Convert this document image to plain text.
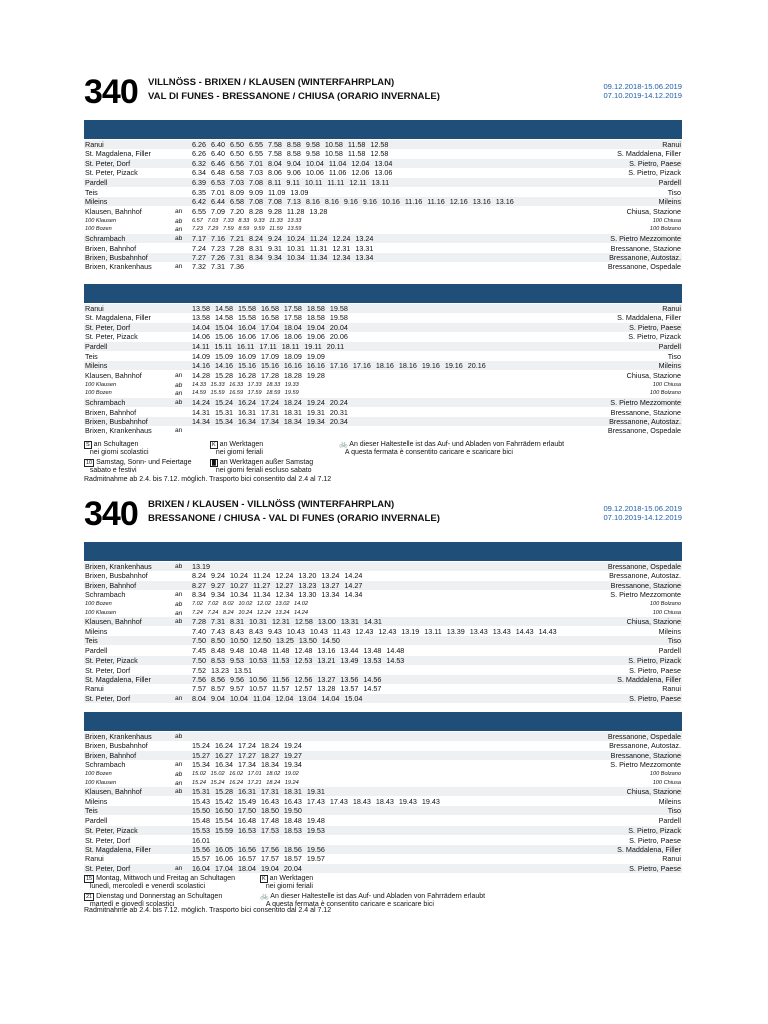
340 VILLNÖSS - BRIXEN / KLAUSEN (WINTERFAHRPLAN)
VAL DI FUNES - BRESSANONE / CHIUSA (ORARIO INVERNALE)
09.12.2018-15.06.2019
07.10.2019-14.12.2019
Ranui	6.26 6.40 6.50 6.55 7.58 8.58 9.58 10.58 11.58 12.58	Ranui
St. Magdalena, Filler	6.26 6.40 6.50 6.55 7.58 8.58 9.58 10.58 11.58 12.58	S. Maddalena, Filler
St. Peter, Dorf	6.32 6.46 6.56 7.01 8.04 9.04 10.04 11.04 12.04 13.04	S. Pietro, Paese
St. Peter, Pizack	6.34 6.48 6.58 7.03 8.06 9.06 10.06 11.06 12.06 13.06	S. Pietro, Pizack
Pardell	6.39 6.53 7.03 7.08 8.11 9.11 10.11 11.11 12.11 13.11	Pardell
Teis	6.35 7.01 8.09 9.09 11.09 13.09	Tiso
Mileins	6.42 6.44 6.58 7.08 7.08 7.13 8.16 8.16 9.16 9.16 10.16 11.16 11.16 12.16 13.16 13.16	Mileins
Klausen, Bahnhof	an 6.55 7.09 7.20 8.28 9.28 11.28 13.28	Chiusa, Stazione
100 Klausen	ab 6.57 7.03 7.33 8.33 9.33 11.33 13.33	100 Chiusa
100 Bozen	an 7.23 7.29 7.59 8.59 9.59 11.59 13.59	100 Bolzano
Schrambach	ab 7.17 7.16 7.21 8.24 9.24 10.24 11.24 12.24 13.24	S. Pietro Mezzomonte
Brixen, Bahnhof	7.24 7.23 7.28 8.31 9.31 10.31 11.31 12.31 13.31	Bressanone, Stazione
Brixen, Busbahnhof	7.27 7.26 7.31 8.34 9.34 10.34 11.34 12.34 13.34	Bressanone, Autostaz.
Brixen, Krankenhaus	an 7.32 7.31 7.36	Bressanone, Ospedale
Ranui	13.58 14.58 15.58 16.58 17.58 18.58 19.58	Ranui
St. Magdalena, Filler	13.58 14.58 15.58 16.58 17.58 18.58 19.58	S. Maddalena, Filler
St. Peter, Dorf	14.04 15.04 16.04 17.04 18.04 19.04 20.04	S. Pietro, Paese
St. Peter, Pizack	14.06 15.06 16.06 17.06 18.06 19.06 20.06	S. Pietro, Pizack
Pardell	14.11 15.11 16.11 17.11 18.11 19.11 20.11	Pardell
Teis	14.09 15.09 16.09 17.09 18.09 19.09	Tiso
Mileins	14.16 14.16 15.16 15.16 16.16 16.16 17.16 17.16 18.16 18.16 19.16 19.16 20.16	Mileins
Klausen, Bahnhof	an 14.28 15.28 16.28 17.28 18.28 19.28	Chiusa, Stazione
100 Klausen	ab 14.33 15.33 16.33 17.33 18.33 19.33	100 Chiusa
100 Bozen	an 14.59 15.59 16.59 17.59 18.59 19.59	100 Bolzano
Schrambach	ab 14.24 15.24 16.24 17.24 18.24 19.24 20.24	S. Pietro Mezzomonte
Brixen, Bahnhof	14.31 15.31 16.31 17.31 18.31 19.31 20.31	Bressanone, Stazione
Brixen, Busbahnhof	14.34 15.34 16.34 17.34 18.34 19.34 20.34	Bressanone, Autostaz.
Brixen, Krankenhaus	an	Bressanone, Ospedale
S an Schultagen
nei giorni scolastici
K an Werktagen
nei giorni feriali
🚲 An dieser Haltestelle ist das Auf- und Abladen von Fahrrädern erlaubt
A questa fermata è consentito caricare e scaricare bici
10 Samstag, Sonn- und Feiertage
sabato e festivi
█ an Werktagen außer Samstag
nei giorni feriali escluso sabato
Radmitnahme ab 2.4. bis 7.12. möglich. Trasporto bici consentito dal 2.4 al 7.12
340 BRIXEN / KLAUSEN - VILLNÖSS (WINTERFAHRPLAN)
BRESSANONE / CHIUSA - VAL DI FUNES (ORARIO INVERNALE)
09.12.2018-15.06.2019
07.10.2019-14.12.2019
Brixen, Krankenhaus	ab 13.19	Bressanone, Ospedale
Brixen, Busbahnhof	8.24 9.24 10.24 11.24 12.24 13.20 13.24 14.24	Bressanone, Autostaz.
Brixen, Bahnhof	8.27 9.27 10.27 11.27 12.27 13.23 13.27 14.27	Bressanone, Stazione
Schrambach	an 8.34 9.34 10.34 11.34 12.34 13.30 13.34 14.34	S. Pietro Mezzomonte
100 Bozen	ab 7.02 7.02 8.02 10.02 12.02 13.02 14.02	100 Bolzano
100 Klausen	an 7.24 7.24 8.24 10.24 12.24 13.24 14.24	100 Chiusa
Klausen, Bahnhof	ab 7.28 7.31 8.31 10.31 12.31 12.58 13.00 13.31 14.31	Chiusa, Stazione
Mileins	7.40 7.43 8.43 8.43 9.43 10.43 10.43 11.43 12.43 12.43 13.19 13.11 13.39 13.43 13.43 14.43 14.43	Mileins
Teis	7.50 8.50 10.50 12.50 13.25 13.50 14.50	Tiso
Pardell	7.45 8.48 9.48 10.48 11.48 12.48 13.16 13.44 13.48 14.48	Pardell
St. Peter, Pizack	7.50 8.53 9.53 10.53 11.53 12.53 13.21 13.49 13.53 14.53	S. Pietro, Pizack
St. Peter, Dorf	7.52 13.23 13.51	S. Pietro, Paese
St. Magdalena, Filler	7.56 8.56 9.56 10.56 11.56 12.56 13.27 13.56 14.56	S. Maddalena, Filler
Ranui	7.57 8.57 9.57 10.57 11.57 12.57 13.28 13.57 14.57	Ranui
St. Peter, Dorf	an 8.04 9.04 10.04 11.04 12.04 13.04 14.04 15.04	S. Pietro, Paese
Brixen, Krankenhaus	ab	Bressanone, Ospedale
Brixen, Busbahnhof	15.24 16.24 17.24 18.24 19.24	Bressanone, Autostaz.
Brixen, Bahnhof	15.27 16.27 17.27 18.27 19.27	Bressanone, Stazione
Schrambach	an 15.34 16.34 17.34 18.34 19.34	S. Pietro Mezzomonte
100 Bozen	ab 15.02 15.02 16.02 17.01 18.02 19.02	100 Bolzano
100 Klausen	an 15.24 15.24 16.24 17.21 18.24 19.24	100 Chiusa
Klausen, Bahnhof	ab 15.31 15.28 16.31 17.31 18.31 19.31	Chiusa, Stazione
Mileins	15.43 15.42 15.49 16.43 16.43 17.43 17.43 18.43 18.43 19.43 19.43	Mileins
Teis	15.50 16.50 17.50 18.50 19.50	Tiso
Pardell	15.48 15.54 16.48 17.48 18.48 19.48	Pardell
St. Peter, Pizack	15.53 15.59 16.53 17.53 18.53 19.53	S. Pietro, Pizack
St. Peter, Dorf	16.01	S. Pietro, Paese
St. Magdalena, Filler	15.56 16.05 16.56 17.56 18.56 19.56	S. Maddalena, Filler
Ranui	15.57 16.06 16.57 17.57 18.57 19.57	Ranui
St. Peter, Dorf	an 16.04 17.04 18.04 19.04 20.04	S. Pietro, Paese
15 Montag, Mittwoch und Freitag an Schultagen
lunedì, mercoledì e venerdì scolastici
K an Werktagen
nei giorni feriali
21 Dienstag und Donnerstag an Schultagen
martedì e giovedì scolastici
🚲 An dieser Haltestelle ist das Auf- und Abladen von Fahrrädern erlaubt
A questa fermata è consentito caricare e scaricare bici
Radmitnahme ab 2.4. bis 7.12. möglich. Trasporto bici consentito dal 2.4 al 7.12
